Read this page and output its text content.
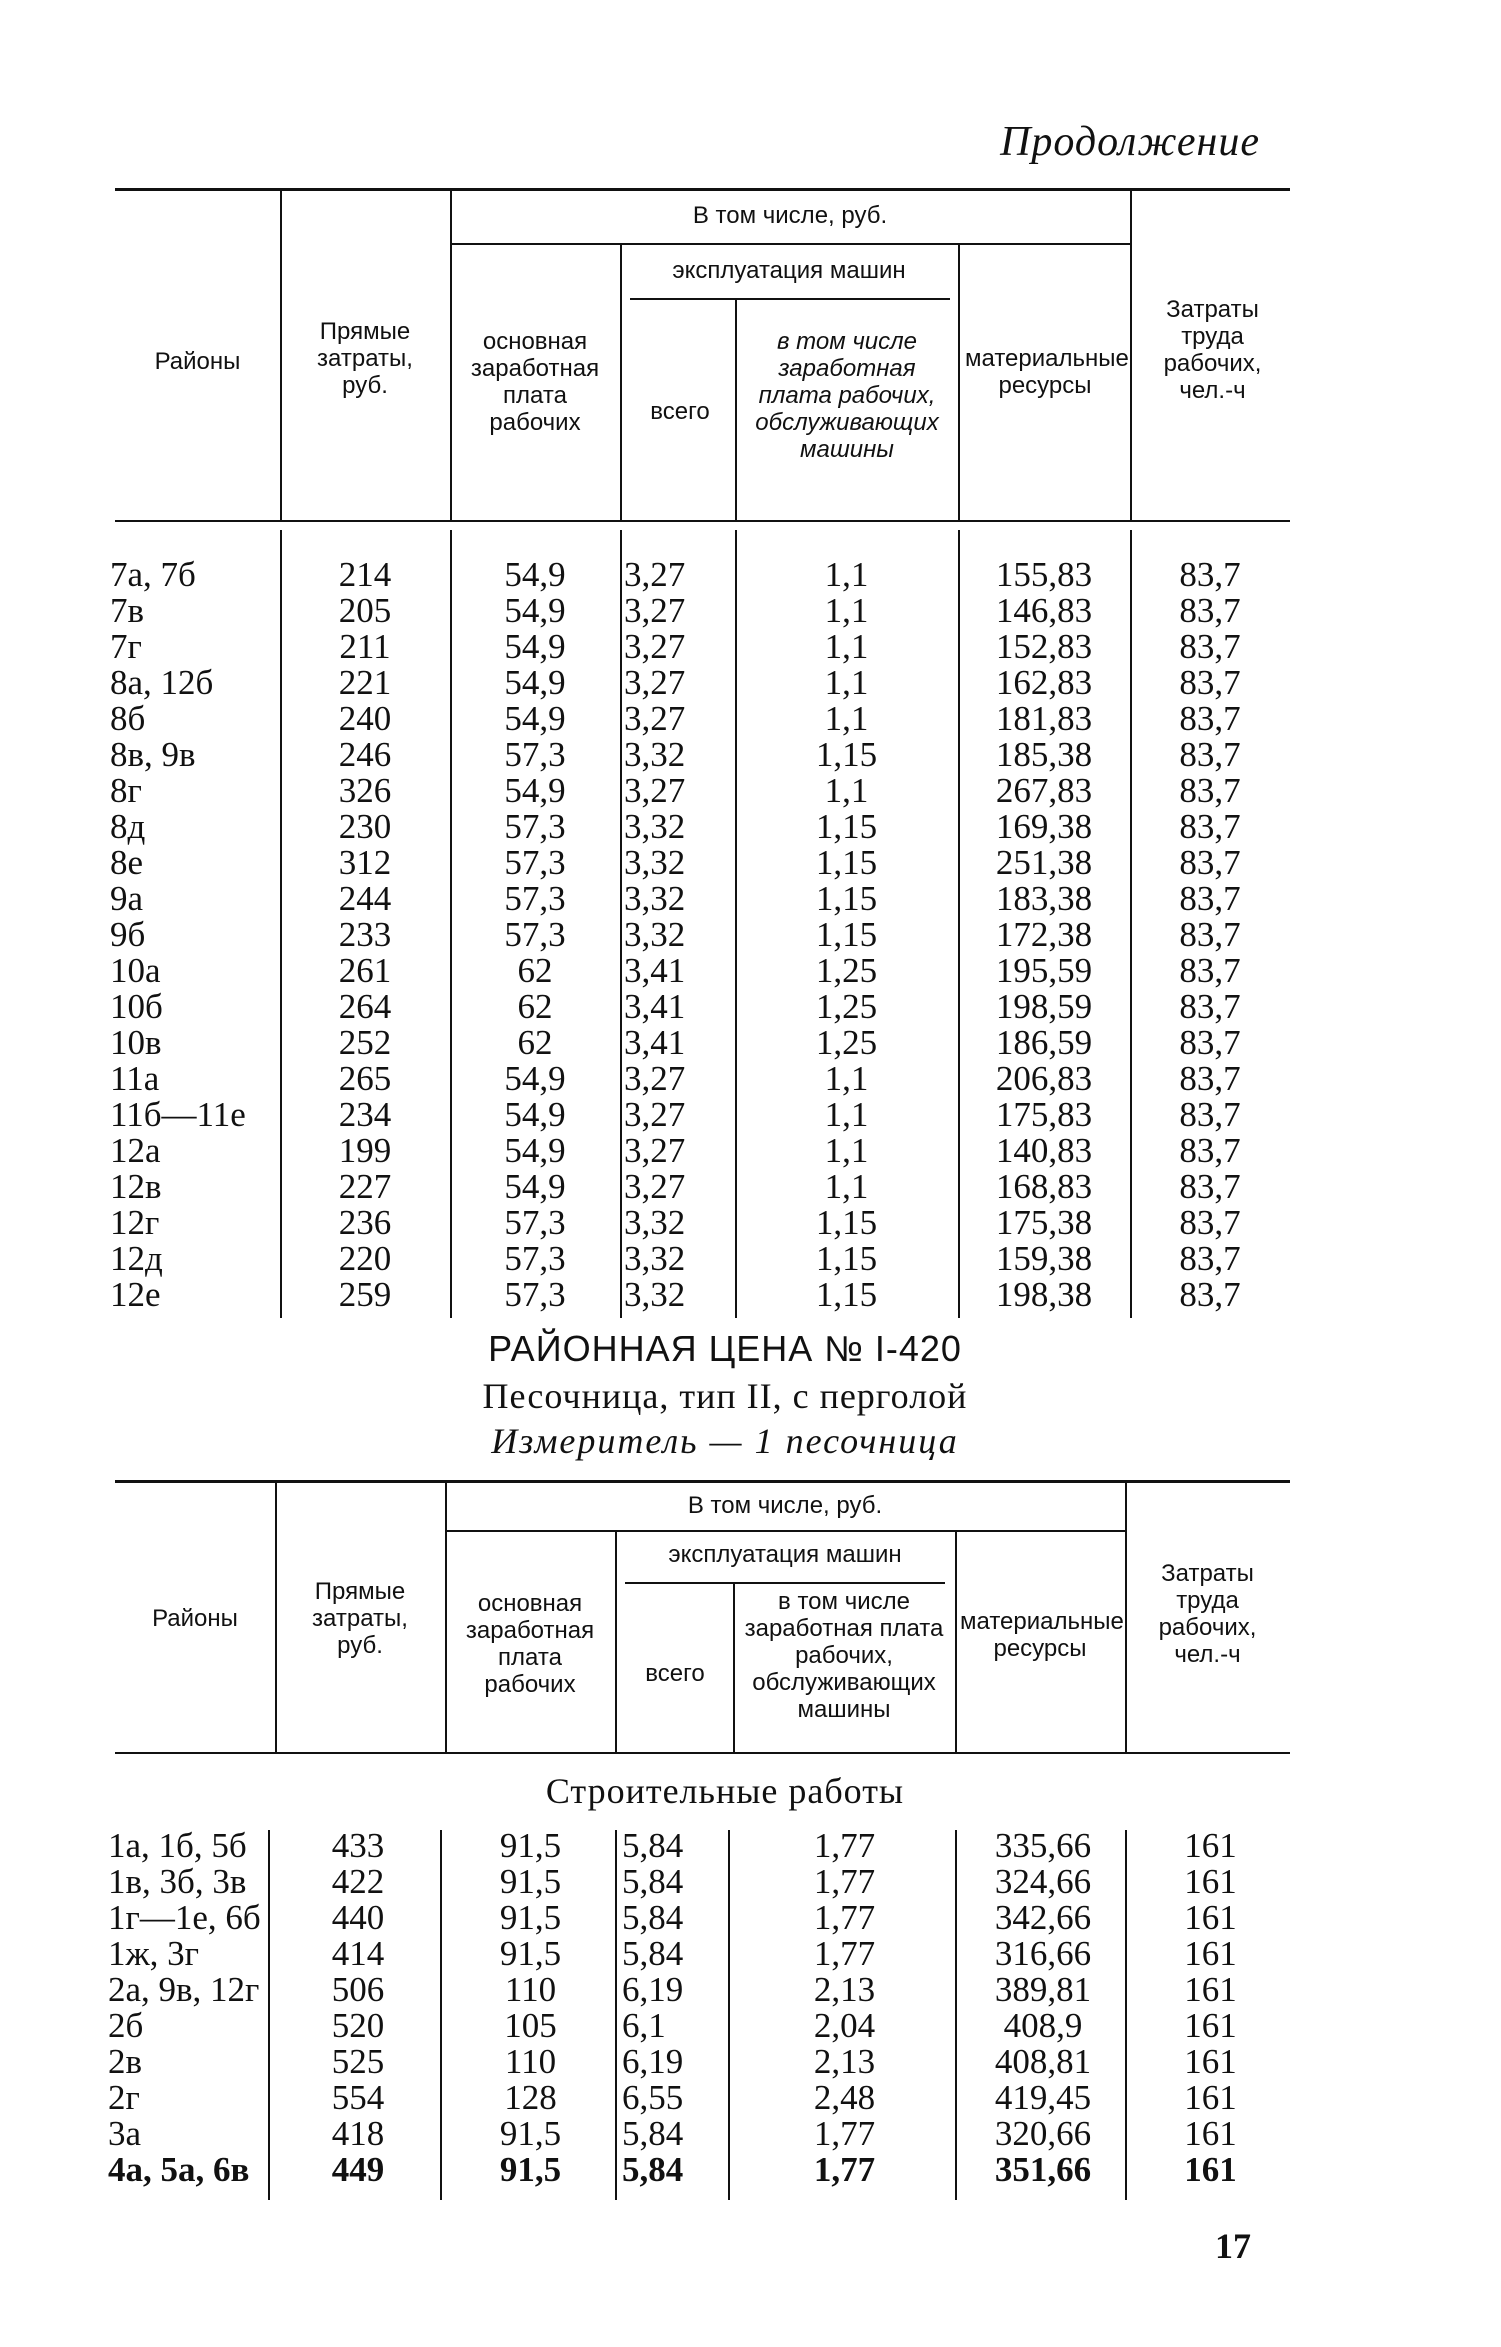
Продолжение
Районы
Прямые затраты, руб.
В том числе, руб.
основная заработная плата рабочих
эксплуатация машин
всего
в том числе заработная плата рабочих, обслуживающих машины
материальные ресурсы
Затраты труда рабочих, чел.-ч
7а, 7б	214	54,9	3,27	1,1	155,83	83,7
7в	205	54,9	3,27	1,1	146,83	83,7
7г	211	54,9	3,27	1,1	152,83	83,7
8а, 12б	221	54,9	3,27	1,1	162,83	83,7
8б	240	54,9	3,27	1,1	181,83	83,7
8в, 9в	246	57,3	3,32	1,15	185,38	83,7
8г	326	54,9	3,27	1,1	267,83	83,7
8д	230	57,3	3,32	1,15	169,38	83,7
8е	312	57,3	3,32	1,15	251,38	83,7
9а	244	57,3	3,32	1,15	183,38	83,7
9б	233	57,3	3,32	1,15	172,38	83,7
10а	261	62	3,41	1,25	195,59	83,7
10б	264	62	3,41	1,25	198,59	83,7
10в	252	62	3,41	1,25	186,59	83,7
11а	265	54,9	3,27	1,1	206,83	83,7
11б—11е	234	54,9	3,27	1,1	175,83	83,7
12а	199	54,9	3,27	1,1	140,83	83,7
12в	227	54,9	3,27	1,1	168,83	83,7
12г	236	57,3	3,32	1,15	175,38	83,7
12д	220	57,3	3,32	1,15	159,38	83,7
12е	259	57,3	3,32	1,15	198,38	83,7
РАЙОННАЯ ЦЕНА № I-420
Песочница, тип II, с перголой
Измеритель — 1 песочница
Районы
Прямые затраты, руб.
В том числе, руб.
основная заработная плата рабочих
эксплуатация машин
всего
в том числе заработная плата рабочих, обслуживающих машины
материальные ресурсы
Затраты труда рабочих, чел.-ч
Строительные работы
1а, 1б, 5б	433	91,5	5,84	1,77	335,66	161
1в, 3б, 3в	422	91,5	5,84	1,77	324,66	161
1г—1е, 6б	440	91,5	5,84	1,77	342,66	161
1ж, 3г	414	91,5	5,84	1,77	316,66	161
2а, 9в, 12г	506	110	6,19	2,13	389,81	161
2б	520	105	6,1	2,04	408,9	161
2в	525	110	6,19	2,13	408,81	161
2г	554	128	6,55	2,48	419,45	161
3а	418	91,5	5,84	1,77	320,66	161
4а, 5а, 6в	449	91,5	5,84	1,77	351,66	161
17
